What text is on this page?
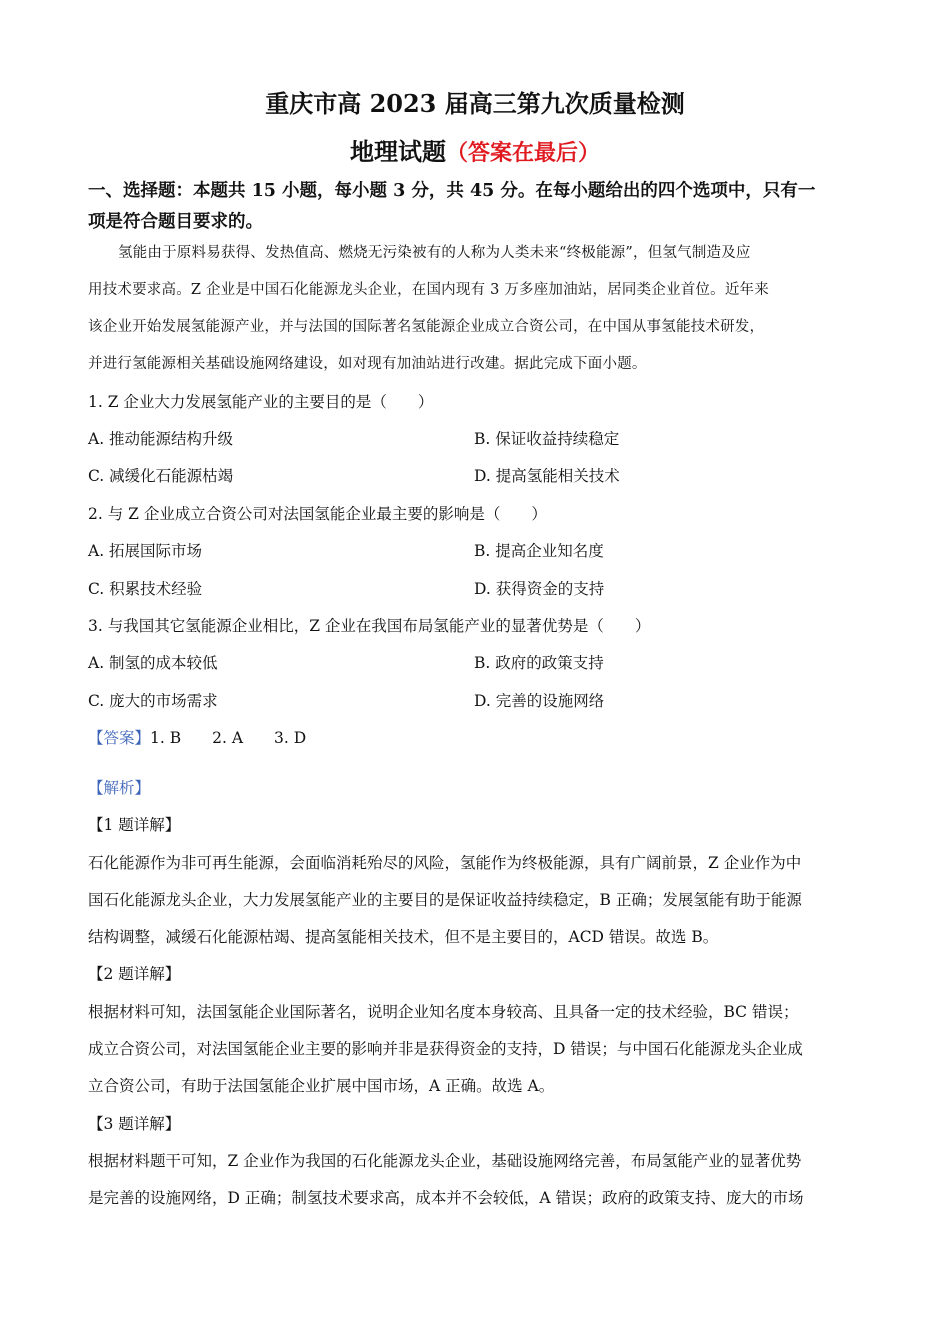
重庆市高 2023 届高三第九次质量检测
地理试题（答案在最后）
一、选择题：本题共 15 小题，每小题 3 分，共 45 分。在每小题给出的四个选项中，只有一
项是符合题目要求的。
氢能由于原料易获得、发热值高、燃烧无污染被有的人称为人类未来“终极能源”，但氢气制造及应
用技术要求高。Z 企业是中国石化能源龙头企业，在国内现有 3 万多座加油站，居同类企业首位。近年来
该企业开始发展氢能源产业，并与法国的国际著名氢能源企业成立合资公司，在中国从事氢能技术研发，
并进行氢能源相关基础设施网络建设，如对现有加油站进行改建。据此完成下面小题。
1. Z 企业大力发展氢能产业的主要目的是（　　）
A. 推动能源结构升级	B. 保证收益持续稳定
C. 减缓化石能源枯竭	D. 提高氢能相关技术
2. 与 Z 企业成立合资公司对法国氢能企业最主要的影响是（　　）
A. 拓展国际市场	B. 提高企业知名度
C. 积累技术经验	D. 获得资金的支持
3. 与我国其它氢能源企业相比，Z 企业在我国布局氢能产业的显著优势是（　　）
A. 制氢的成本较低	B. 政府的政策支持
C. 庞大的市场需求	D. 完善的设施网络
【答案】1. B　　2. A　　3. D
【解析】
【1 题详解】
石化能源作为非可再生能源，会面临消耗殆尽的风险，氢能作为终极能源，具有广阔前景，Z 企业作为中
国石化能源龙头企业，大力发展氢能产业的主要目的是保证收益持续稳定，B 正确；发展氢能有助于能源
结构调整，减缓石化能源枯竭、提高氢能相关技术，但不是主要目的，ACD 错误。故选 B。
【2 题详解】
根据材料可知，法国氢能企业国际著名，说明企业知名度本身较高、且具备一定的技术经验，BC 错误；
成立合资公司，对法国氢能企业主要的影响并非是获得资金的支持，D 错误；与中国石化能源龙头企业成
立合资公司，有助于法国氢能企业扩展中国市场，A 正确。故选 A。
【3 题详解】
根据材料题干可知，Z 企业作为我国的石化能源龙头企业，基础设施网络完善，布局氢能产业的显著优势
是完善的设施网络，D 正确；制氢技术要求高，成本并不会较低，A 错误；政府的政策支持、庞大的市场
